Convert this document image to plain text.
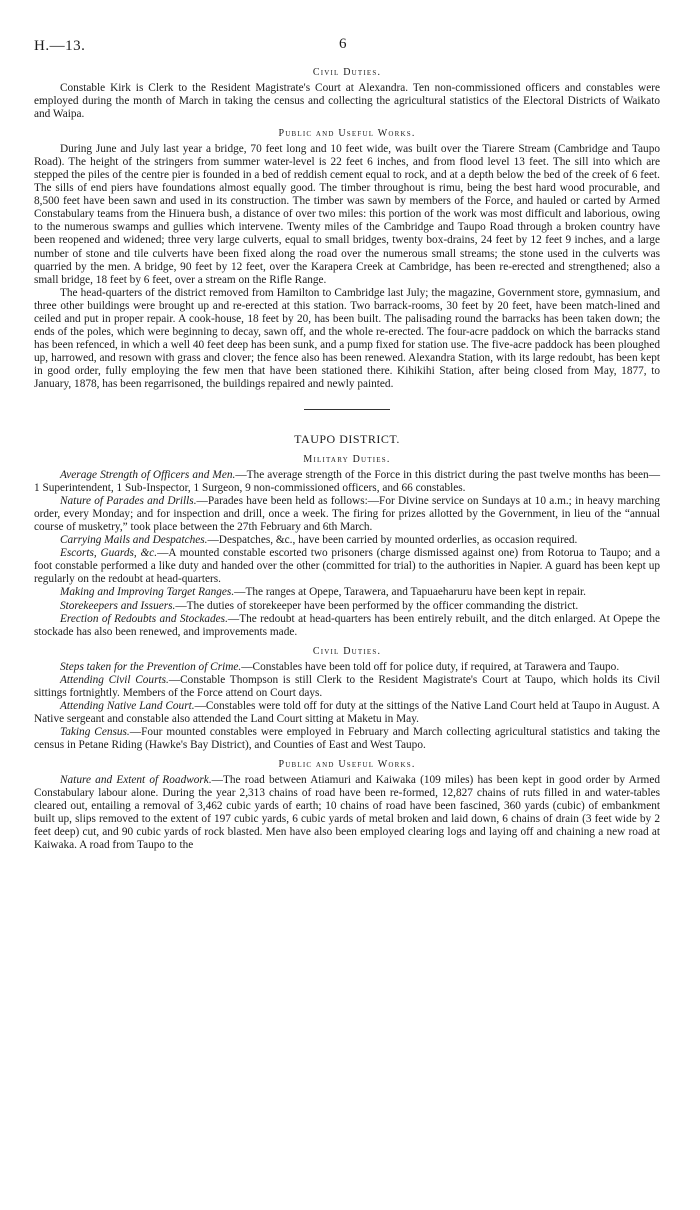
H.—13.	6
Civil Duties.

Constable Kirk is Clerk to the Resident Magistrate's Court at Alexandra. Ten non-commissioned officers and constables were employed during the month of March in taking the census and collecting the agricultural statistics of the Electoral Districts of Waikato and Waipa.

Public and Useful Works.

During June and July last year a bridge, 70 feet long and 10 feet wide, was built over the Tiarere Stream (Cambridge and Taupo Road). The height of the stringers from summer water-level is 22 feet 6 inches, and from flood level 13 feet. The sill into which are stepped the piles of the centre pier is founded in a bed of reddish cement equal to rock, and at a depth below the bed of the creek of 6 feet. The sills of end piers have foundations almost equally good. The timber throughout is rimu, being the best hard wood procurable, and 8,500 feet have been sawn and used in its construction. The timber was sawn by members of the Force, and hauled or carted by Armed Constabulary teams from the Hinuera bush, a distance of over two miles: this portion of the work was most difficult and laborious, owing to the numerous swamps and gullies which intervene. Twenty miles of the Cambridge and Taupo Road through a broken country have been reopened and widened; three very large culverts, equal to small bridges, twenty box-drains, 24 feet by 12 feet 9 inches, and a large number of stone and tile culverts have been fixed along the road over the numerous small streams; the stone used in the culverts was quarried by the men. A bridge, 90 feet by 12 feet, over the Karapera Creek at Cambridge, has been re-erected and strengthened; also a small bridge, 18 feet by 6 feet, over a stream on the Rifle Range.

The head-quarters of the district removed from Hamilton to Cambridge last July; the magazine, Government store, gymnasium, and three other buildings were brought up and re-erected at this station. Two barrack-rooms, 30 feet by 20 feet, have been match-lined and ceiled and put in proper repair. A cook-house, 18 feet by 20, has been built. The palisading round the barracks has been taken down; the ends of the poles, which were beginning to decay, sawn off, and the whole re-erected. The four-acre paddock on which the barracks stand has been refenced, in which a well 40 feet deep has been sunk, and a pump fixed for station use. The five-acre paddock has been ploughed up, harrowed, and resown with grass and clover; the fence also has been renewed. Alexandra Station, with its large redoubt, has been kept in good order, fully employing the few men that have been stationed there. Kihikihi Station, after being closed from May, 1877, to January, 1878, has been regarrisoned, the buildings repaired and newly painted.

TAUPO DISTRICT.
Military Duties.

Average Strength of Officers and Men.—The average strength of the Force in this district during the past twelve months has been—1 Superintendent, 1 Sub-Inspector, 1 Surgeon, 9 non-commissioned officers, and 66 constables.

Nature of Parades and Drills.—Parades have been held as follows:—For Divine service on Sundays at 10 a.m.; in heavy marching order, every Monday; and for inspection and drill, once a week. The firing for prizes allotted by the Government, in lieu of the “annual course of musketry,” took place between the 27th February and 6th March.

Carrying Mails and Despatches.—Despatches, &c., have been carried by mounted orderlies, as occasion required.

Escorts, Guards, &c.—A mounted constable escorted two prisoners (charge dismissed against one) from Rotorua to Taupo; and a foot constable performed a like duty and handed over the other (committed for trial) to the authorities in Napier. A guard has been kept up regularly on the redoubt at head-quarters.

Making and Improving Target Ranges.—The ranges at Opepe, Tarawera, and Tapuaeharuru have been kept in repair.

Storekeepers and Issuers.—The duties of storekeeper have been performed by the officer commanding the district.

Erection of Redoubts and Stockades.—The redoubt at head-quarters has been entirely rebuilt, and the ditch enlarged. At Opepe the stockade has also been renewed, and improvements made.

Civil Duties.

Steps taken for the Prevention of Crime.—Constables have been told off for police duty, if required, at Tarawera and Taupo.

Attending Civil Courts.—Constable Thompson is still Clerk to the Resident Magistrate's Court at Taupo, which holds its Civil sittings fortnightly. Members of the Force attend on Court days.

Attending Native Land Court.—Constables were told off for duty at the sittings of the Native Land Court held at Taupo in August. A Native sergeant and constable also attended the Land Court sitting at Maketu in May.

Taking Census.—Four mounted constables were employed in February and March collecting agricultural statistics and taking the census in Petane Riding (Hawke's Bay District), and Counties of East and West Taupo.

Public and Useful Works.

Nature and Extent of Roadwork.—The road between Atiamuri and Kaiwaka (109 miles) has been kept in good order by Armed Constabulary labour alone. During the year 2,313 chains of road have been re-formed, 12,827 chains of ruts filled in and water-tables cleared out, entailing a removal of 3,462 cubic yards of earth; 10 chains of road have been fascined, 360 yards (cubic) of embankment built up, slips removed to the extent of 197 cubic yards, 6 cubic yards of metal broken and laid down, 6 chains of drain (3 feet wide by 2 feet deep) cut, and 90 cubic yards of rock blasted. Men have also been employed clearing logs and laying off and chaining a new road at Kaiwaka. A road from Taupo to the
